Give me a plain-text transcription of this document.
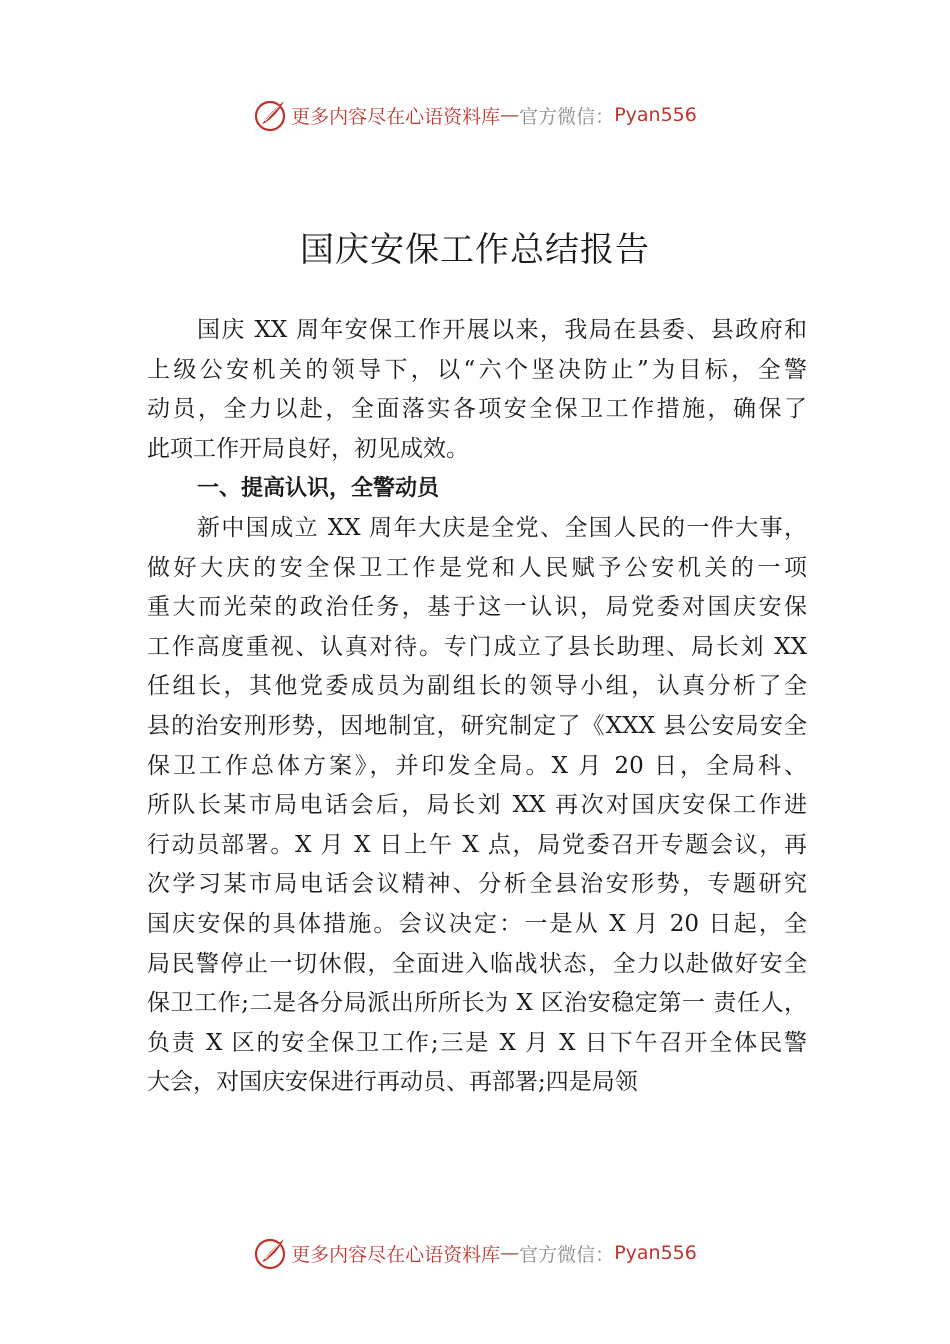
更多内容尽在心语资料库 — 官方微信： Pyan556
国庆安保工作总结报告
国庆 XX 周年安保工作开展以来，我局在县委、县政府和
上级公安机关的领导下，以“六个坚决防止”为目标，全警
动员，全力以赴，全面落实各项安全保卫工作措施，确保了
此项工作开局良好，初见成效。
一、提高认识，全警动员
新中国成立 XX 周年大庆是全党、全国人民的一件大事，
做好大庆的安全保卫工作是党和人民赋予公安机关的一项
重大而光荣的政治任务，基于这一认识，局党委对国庆安保
工作高度重视、认真对待。专门成立了县长助理、局长刘 XX
任组长，其他党委成员为副组长的领导小组，认真分析了全
县的治安刑形势，因地制宜，研究制定了《XXX 县公安局安全
保卫工作总体方案》，并印发全局。X 月 20 日，全局科、
所队长某市局电话会后，局长刘 XX 再次对国庆安保工作进
行动员部署。X 月 X 日上午 X 点，局党委召开专题会议，再
次学习某市局电话会议精神、分析全县治安形势，专题研究
国庆安保的具体措施。会议决定：一是从 X 月 20 日起，全
局民警停止一切休假，全面进入临战状态，全力以赴做好安全
保卫工作;二是各分局派出所所长为 X 区治安稳定第一 责任人，
负责 X 区的安全保卫工作;三是 X 月 X 日下午召开全体民警
大会，对国庆安保进行再动员、再部署;四是局领
更多内容尽在心语资料库 — 官方微信： Pyan556
